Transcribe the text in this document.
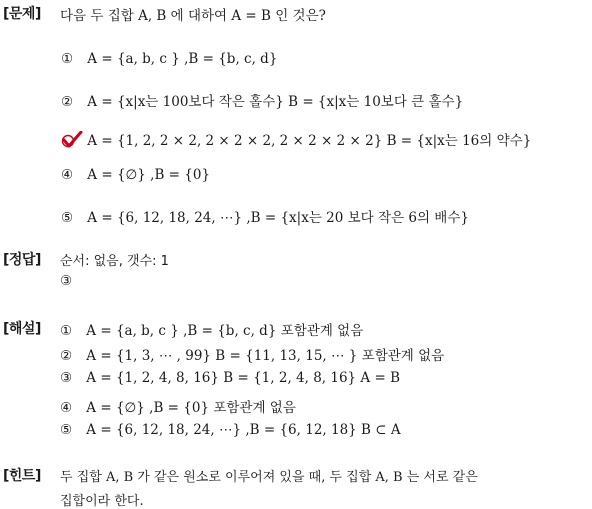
[문제] 다음 두 집합 A, B 에 대하여 A = B 인 것은?
① A = {a, b, c } ,B = {b, c, d}
② A = {x|x는 100보다 작은 홀수} B = {x|x는 10보다 큰 홀수}
A = {1, 2, 2 × 2, 2 × 2 × 2, 2 × 2 × 2 × 2} B = {x|x는 16의 약수}
④ A = {∅} ,B = {0}
⑤ A = {6, 12, 18, 24, ⋯} ,B = {x|x는 20 보다 작은 6의 배수}
[정답] 순서: 없음, 갯수: 1
③
[해설] ① A = {a, b, c } ,B = {b, c, d} 포함관계 없음
② A = {1, 3, ⋯ , 99} B = {11, 13, 15, ⋯ } 포함관계 없음
③ A = {1, 2, 4, 8, 16} B = {1, 2, 4, 8, 16} A = B
④ A = {∅} ,B = {0} 포함관계 없음
⑤ A = {6, 12, 18, 24, ⋯} ,B = {6, 12, 18} B ⊂ A
[힌트] 두 집합 A, B 가 같은 원소로 이루어져 있을 때, 두 집합 A, B 는 서로 같은
집합이라 한다.
